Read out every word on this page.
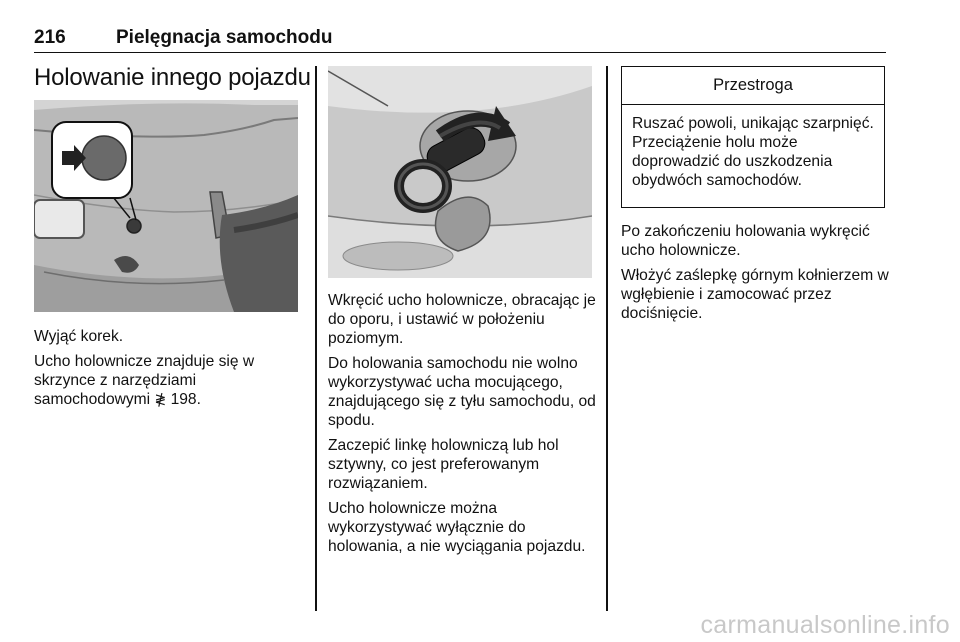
216	Pielęgnacja samochodu
Holowanie innego pojazdu

Wyjąć korek.

Ucho holownicze znajduje się w skrzynce z narzędziami samochodowymi ≹ 198.

Wkręcić ucho holownicze, obracając je do oporu, i ustawić w położeniu poziomym.

Do holowania samochodu nie wolno wykorzystywać ucha mocującego, znajdującego się z tyłu samochodu, od spodu.

Zaczepić linkę holowniczą lub hol sztywny, co jest preferowanym rozwiązaniem.

Ucho holownicze można wykorzystywać wyłącznie do holowania, a nie wyciągania pojazdu.

Przestroga
Ruszać powoli, unikając szarpnięć. Przeciążenie holu może doprowadzić do uszkodzenia obydwóch samochodów.

Po zakończeniu holowania wykręcić ucho holownicze.

Włożyć zaślepkę górnym kołnierzem w wgłębienie i zamocować przez dociśnięcie.

carmanualsonline.info
